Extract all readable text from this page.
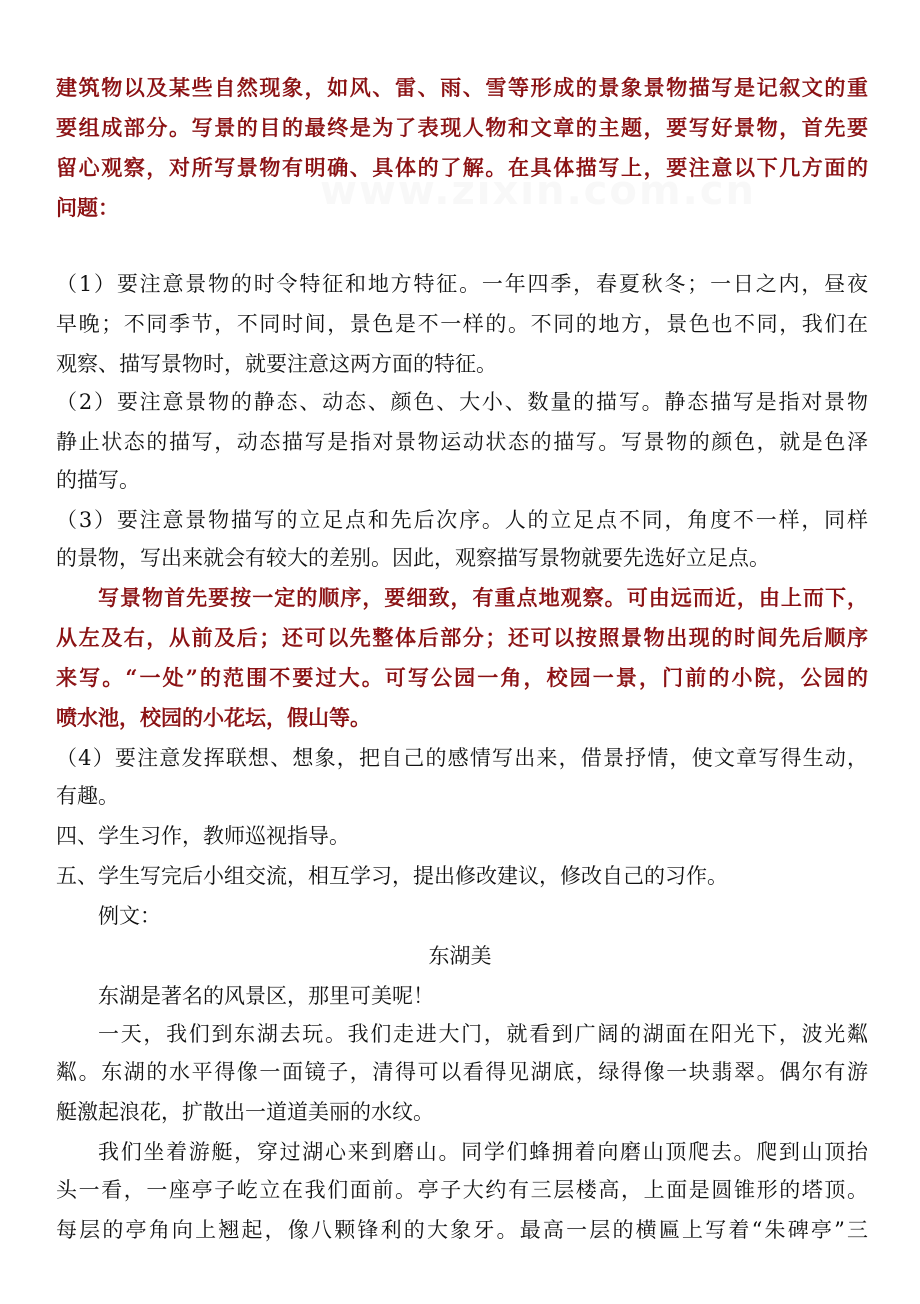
www.zixin.com.cn
建筑物以及某些自然现象，如风、雷、雨、雪等形成的景象景物描写是记叙文的重
要组成部分。写景的目的最终是为了表现人物和文章的主题，要写好景物，首先要
留心观察，对所写景物有明确、具体的了解。在具体描写上，要注意以下几方面的
问题：
（1）要注意景物的时令特征和地方特征。一年四季，春夏秋冬；一日之内，昼夜
早晚；不同季节，不同时间，景色是不一样的。不同的地方，景色也不同，我们在
观察、描写景物时，就要注意这两方面的特征。
（2）要注意景物的静态、动态、颜色、大小、数量的描写。静态描写是指对景物
静止状态的描写，动态描写是指对景物运动状态的描写。写景物的颜色，就是色泽
的描写。
（3）要注意景物描写的立足点和先后次序。人的立足点不同，角度不一样，同样
的景物，写出来就会有较大的差别。因此，观察描写景物就要先选好立足点。
写景物首先要按一定的顺序，要细致，有重点地观察。可由远而近，由上而下，
从左及右，从前及后；还可以先整体后部分；还可以按照景物出现的时间先后顺序
来写。“一处”的范围不要过大。可写公园一角，校园一景，门前的小院，公园的
喷水池，校园的小花坛，假山等。
（4）要注意发挥联想、想象，把自己的感情写出来，借景抒情，使文章写得生动，
有趣。
四、学生习作，教师巡视指导。
五、学生写完后小组交流，相互学习，提出修改建议，修改自己的习作。
例文：
东湖美
东湖是著名的风景区，那里可美呢！
一天，我们到东湖去玩。我们走进大门，就看到广阔的湖面在阳光下，波光粼
粼。东湖的水平得像一面镜子，清得可以看得见湖底，绿得像一块翡翠。偶尔有游
艇激起浪花，扩散出一道道美丽的水纹。
我们坐着游艇，穿过湖心来到磨山。同学们蜂拥着向磨山顶爬去。爬到山顶抬
头一看，一座亭子屹立在我们面前。亭子大约有三层楼高，上面是圆锥形的塔顶。
每层的亭角向上翘起，像八颗锋利的大象牙。最高一层的横匾上写着“朱碑亭”三
